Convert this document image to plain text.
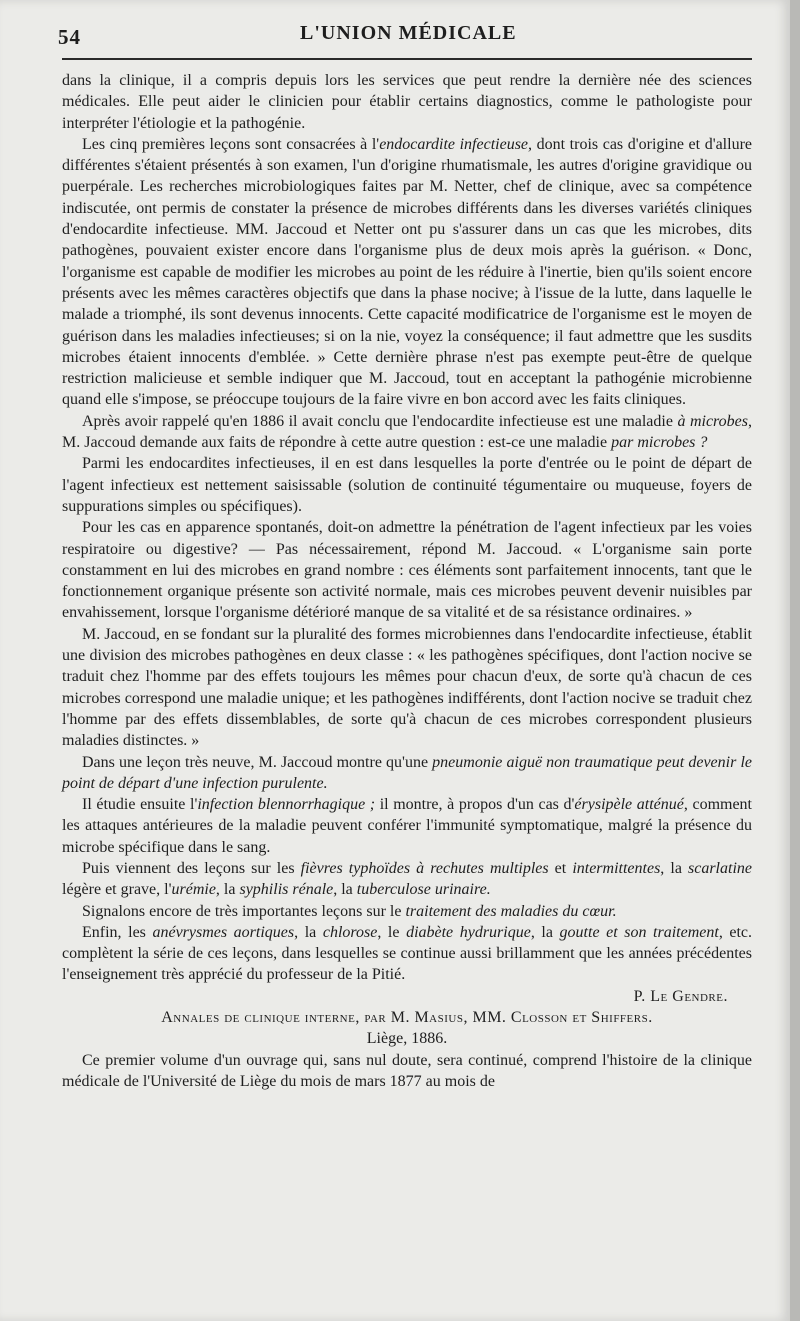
54	L'UNION MÉDICALE

dans la clinique, il a compris depuis lors les services que peut rendre la dernière née des sciences médicales. Elle peut aider le clinicien pour établir certains diagnostics, comme le pathologiste pour interpréter l'étiologie et la pathogénie.

Les cinq premières leçons sont consacrées à l'endocardite infectieuse, dont trois cas d'origine et d'allure différentes s'étaient présentés à son examen, l'un d'origine rhumatismale, les autres d'origine gravidique ou puerpérale. Les recherches microbiologiques faites par M. Netter, chef de clinique, avec sa compétence indiscutée, ont permis de constater la présence de microbes différents dans les diverses variétés cliniques d'endocardite infectieuse. MM. Jaccoud et Netter ont pu s'assurer dans un cas que les microbes, dits pathogènes, pouvaient exister encore dans l'organisme plus de deux mois après la guérison. « Donc, l'organisme est capable de modifier les microbes au point de les réduire à l'inertie, bien qu'ils soient encore présents avec les mêmes caractères objectifs que dans la phase nocive; à l'issue de la lutte, dans laquelle le malade a triomphé, ils sont devenus innocents. Cette capacité modificatrice de l'organisme est le moyen de guérison dans les maladies infectieuses; si on la nie, voyez la conséquence; il faut admettre que les susdits microbes étaient innocents d'emblée. » Cette dernière phrase n'est pas exempte peut-être de quelque restriction malicieuse et semble indiquer que M. Jaccoud, tout en acceptant la pathogénie microbienne quand elle s'impose, se préoccupe toujours de la faire vivre en bon accord avec les faits cliniques.

Après avoir rappelé qu'en 1886 il avait conclu que l'endocardite infectieuse est une maladie à microbes, M. Jaccoud demande aux faits de répondre à cette autre question : est-ce une maladie par microbes ?

Parmi les endocardites infectieuses, il en est dans lesquelles la porte d'entrée ou le point de départ de l'agent infectieux est nettement saisissable (solution de continuité tégumentaire ou muqueuse, foyers de suppurations simples ou spécifiques).

Pour les cas en apparence spontanés, doit-on admettre la pénétration de l'agent infectieux par les voies respiratoire ou digestive? — Pas nécessairement, répond M. Jaccoud. « L'organisme sain porte constamment en lui des microbes en grand nombre : ces éléments sont parfaitement innocents, tant que le fonctionnement organique présente son activité normale, mais ces microbes peuvent devenir nuisibles par envahissement, lorsque l'organisme détérioré manque de sa vitalité et de sa résistance ordinaires. »

M. Jaccoud, en se fondant sur la pluralité des formes microbiennes dans l'endocardite infectieuse, établit une division des microbes pathogènes en deux classe : « les pathogènes spécifiques, dont l'action nocive se traduit chez l'homme par des effets toujours les mêmes pour chacun d'eux, de sorte qu'à chacun de ces microbes correspond une maladie unique; et les pathogènes indifférents, dont l'action nocive se traduit chez l'homme par des effets dissemblables, de sorte qu'à chacun de ces microbes correspondent plusieurs maladies distinctes. »

Dans une leçon très neuve, M. Jaccoud montre qu'une pneumonie aiguë non traumatique peut devenir le point de départ d'une infection purulente.

Il étudie ensuite l'infection blennorrhagique ; il montre, à propos d'un cas d'érysipèle atténué, comment les attaques antérieures de la maladie peuvent conférer l'immunité symptomatique, malgré la présence du microbe spécifique dans le sang.

Puis viennent des leçons sur les fièvres typhoïdes à rechutes multiples et intermittentes, la scarlatine légère et grave, l'urémie, la syphilis rénale, la tuberculose urinaire.

Signalons encore de très importantes leçons sur le traitement des maladies du cœur.

Enfin, les anévrysmes aortiques, la chlorose, le diabète hydrurique, la goutte et son traitement, etc. complètent la série de ces leçons, dans lesquelles se continue aussi brillamment que les années précédentes l'enseignement très apprécié du professeur de la Pitié.

P. Le Gendre.

Annales de clinique interne, par M. Masius, MM. Closson et Shiffers.

Liège, 1886.

Ce premier volume d'un ouvrage qui, sans nul doute, sera continué, comprend l'histoire de la clinique médicale de l'Université de Liège du mois de mars 1877 au mois de
